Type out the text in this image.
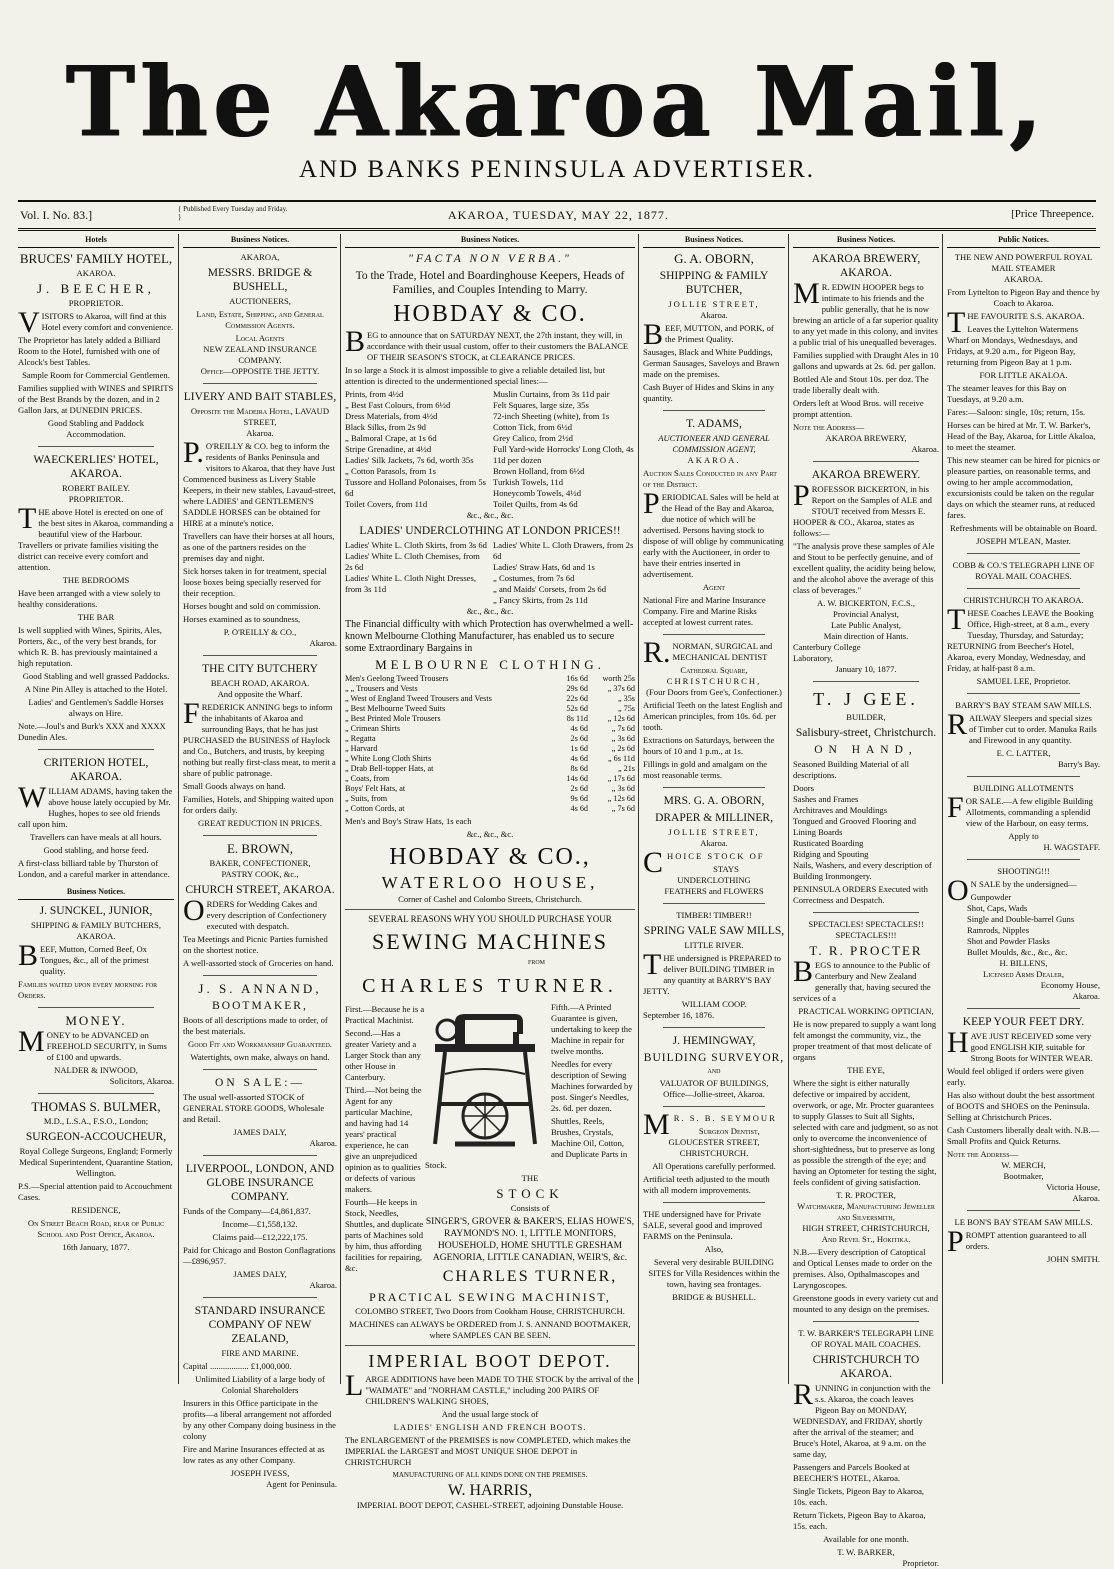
The Akaroa Mail,
AND BANKS PENINSULA ADVERTISER.
Vol. I. No. 83.]	{ Published Every Tuesday and Friday. }	AKAROA, TUESDAY, MAY 22, 1877.	[Price Threepence.
Hotels
BRUCES' FAMILY HOTEL,
AKAROA.
J. BEECHER,
PROPRIETOR.

VISITORS to Akaroa, will find at this Hotel every comfort and convenience.

The Proprietor has lately added a Billiard Room to the Hotel, furnished with one of Alcock's best Tables.

Sample Room for Commercial Gentlemen.

Families supplied with WINES and SPIRITS of the Best Brands by the dozen, and in 2 Gallon Jars, at DUNEDIN PRICES.

Good Stabling and Paddock Accommodation.

WAECKERLIES' HOTEL, AKAROA.
ROBERT BAILEY.
PROPRIETOR.

THE above Hotel is erected on one of the best sites in Akaroa, commanding a beautiful view of the Harbour. Travellers or private families visiting the district can receive every comfort and attention.

THE BEDROOMS

Have been arranged with a view solely to healthy considerations.

THE BAR

Is well supplied with Wines, Spirits, Ales, Porters, &c., of the very best brands, for which R. B. has previously maintained a high reputation.

Good Stabling and well grassed Paddocks.

A Nine Pin Alley is attached to the Hotel.

Ladies' and Gentlemen's Saddle Horses always on Hire.

Note.—Joul's and Burk's XXX and XXXX Dunedin Ales.

CRITERION HOTEL, AKAROA.

WILLIAM ADAMS, having taken the above house lately occupied by Mr. Hughes, hopes to see old friends call upon him.

Travellers can have meals at all hours.

Good stabling, and horse feed.

A first-class billiard table by Thurston of London, and a careful marker in attendance.

Business Notices.
J. SUNCKEL, JUNIOR,
SHIPPING & FAMILY BUTCHERS, AKAROA.

BEEF, Mutton, Corned Beef, Ox Tongues, &c., all of the primest quality.

Families waited upon every morning for Orders.

MONEY.

MONEY to be ADVANCED on FREEHOLD SECURITY, in Sums of £100 and upwards.

NALDER & INWOOD,
Solicitors, Akaroa.
THOMAS S. BULMER,
M.D., L.S.A., F.S.O., London;
SURGEON-ACCOUCHEUR,

Royal College Surgeons, England; Formerly Medical Superintendent, Quarantine Station, Wellington.

P.S.—Special attention paid to Accouchment Cases.

RESIDENCE,

On Street Beach Road, rear of Public School and Post Office, Akaroa.

16th January, 1877.
Business Notices.
AKAROA,
MESSRS. BRIDGE & BUSHELL,
AUCTIONEERS,

Land, Estate, Shipping, and General Commission Agents.

Local Agents
NEW ZEALAND INSURANCE COMPANY.
Office—OPPOSITE THE JETTY.
LIVERY AND BAIT STABLES,
Opposite the Madeira Hotel, LAVAUD STREET,
Akaroa.

P.O'REILLY & CO. beg to inform the residents of Banks Peninsula and visitors to Akaroa, that they have Just Commenced business as Livery Stable Keepers, in their new stables, Lavaud-street, where LADIES' and GENTLEMEN'S SADDLE HORSES can be obtained for HIRE at a minute's notice.

Travellers can have their horses at all hours, as one of the partners resides on the premises day and night.

Sick horses taken in for treatment, special loose boxes being specially reserved for their reception.

Horses bought and sold on commission.

Horses examined as to soundness,

P. O'REILLY & CO.,
Akaroa.
THE CITY BUTCHERY
BEACH ROAD, AKAROA.
And opposite the Wharf.

FREDERICK ANNING begs to inform the inhabitants of Akaroa and surrounding Bays, that he has just PURCHASED the BUSINESS of Haylock and Co., Butchers, and trusts, by keeping nothing but really first-class meat, to merit a share of public patronage.

Small Goods always on hand.

Families, Hotels, and Shipping waited upon for orders daily.

GREAT REDUCTION IN PRICES.

E. BROWN,
BAKER, CONFECTIONER,
PASTRY COOK, &c.,
CHURCH STREET, AKAROA.

ORDERS for Wedding Cakes and every description of Confectionery executed with despatch.

Tea Meetings and Picnic Parties furnished on the shortest notice.

A well-assorted stock of Groceries on hand.

J. S. ANNAND,
BOOTMAKER,

Boots of all descriptions made to order, of the best materials.

Good Fit and Workmanship Guaranteed.

Watertights, own make, always on hand.

ON SALE:—

The usual well-assorted STOCK of GENERAL STORE GOODS, Wholesale and Retail.

JAMES DALY,
Akaroa.
LIVERPOOL, LONDON, AND GLOBE INSURANCE COMPANY.

Funds of the Company—£4,861,837.

Income—£1,558,132.

Claims paid—£12,222,175.

Paid for Chicago and Boston Conflagrations—£896,957.

JAMES DALY,
Akaroa.
STANDARD INSURANCE COMPANY OF NEW ZEALAND,
FIRE AND MARINE.

Capital .................. £1,000,000.

Unlimited Liability of a large body of Colonial Shareholders

Insurers in this Office participate in the profits—a liberal arrangement not afforded by any other Company doing business in the colony

Fire and Marine Insurances effected at as low rates as any other Company.

JOSEPH IVESS,
Agent for Peninsula.
Business Notices.
"FACTA NON VERBA."
To the Trade, Hotel and Boardinghouse Keepers, Heads of Families, and Couples Intending to Marry.
HOBDAY & CO.

BEG to announce that on SATURDAY NEXT, the 27th instant, they will, in accordance with their usual custom, offer to their customers the BALANCE OF THEIR SEASON'S STOCK, at CLEARANCE PRICES.

In so large a Stock it is almost impossible to give a reliable detailed list, but attention is directed to the undermentioned special lines:—

Prints, from 4½d
„ Best Fast Colours, from 6½d
Dress Materials, from 4½d
Black Silks, from 2s 9d
„ Balmoral Crape, at 1s 6d
Stripe Grenadine, at 4½d
Ladies' Silk Jackets, 7s 6d, worth 35s
„ Cotton Parasols, from 1s
Tussore and Holland Polonaises, from 5s 6d
Toilet Covers, from 11d
Muslin Curtains, from 3s 11d pair
Felt Squares, large size, 35s
72-inch Sheeting (white), from 1s
Cotton Tick, from 6½d
Grey Calico, from 2½d
Full Yard-wide Horrocks' Long Cloth, 4s 11d per dozen
Brown Holland, from 6½d
Turkish Towels, 11d
Honeycomb Towels, 4½d
Toilet Quilts, from 4s 6d
&c., &c., &c.
LADIES' UNDERCLOTHING AT LONDON PRICES!!
Ladies' White L. Cloth Skirts, from 3s 6d
Ladies' White L. Cloth Chemises, from 2s 6d
Ladies' White L. Cloth Night Dresses, from 3s 11d
Ladies' White L. Cloth Drawers, from 2s 6d
Ladies' Straw Hats, 6d and 1s
„ Costumes, from 7s 6d
„ and Maids' Corsets, from 2s 6d
„ Fancy Skirts, from 2s 11d
&c., &c., &c.

The Financial difficulty with which Protection has overwhelmed a well-known Melbourne Clothing Manufacturer, has enabled us to secure some Extraordinary Bargains in

MELBOURNE CLOTHING.
Men's Geelong Tweed Trousers	16s 6d	worth 25s
„ „ Trousers and Vests	29s 6d	„ 37s 6d
„ West of England Tweed Trousers and Vests	22s 6d	„ 35s
„ Best Melbourne Tweed Suits	52s 6d	„ 75s
„ Best Printed Mole Trousers	8s 11d	„ 12s 6d
„ Crimean Shirts	4s 6d	„ 7s 6d
„ Regatta	2s 6d	„ 3s 6d
„ Harvard	1s 6d	„ 2s 6d
„ White Long Cloth Shirts	4s 6d	„ 6s 11d
„ Drab Bell-topper Hats, at	8s 6d	„ 21s
„ Coats, from	14s 6d	„ 17s 6d
Boys' Felt Hats, at	2s 6d	„ 3s 6d
„ Suits, from	9s 6d	„ 12s 6d
„ Cotton Cords, at	4s 6d	„ 7s 6d

Men's and Boy's Straw Hats, 1s each

&c., &c., &c.
HOBDAY & CO.,
WATERLOO HOUSE,
Corner of Cashel and Colombo Streets, Christchurch.
SEVERAL REASONS WHY YOU SHOULD PURCHASE YOUR
SEWING MACHINES
FROM
CHARLES TURNER.

First.—Because he is a Practical Machinist.

Second.—Has a greater Variety and a Larger Stock than any other House in Canterbury.

Third.—Not being the Agent for any particular Machine, and having had 14 years' practical experience, he can give an unprejudiced opinion as to qualities or defects of various makers.

Fourth—He keeps in Stock, Needles, Shuttles, and duplicate parts of Machines sold by him, thus affording facilities for repairing, &c.

Fifth.—A Printed Guarantee is given, undertaking to keep the Machine in repair for twelve months.

Needles for every description of Sewing Machines forwarded by post. Singer's Needles, 2s. 6d. per dozen.

Shuttles, Reels, Brushes, Crystals, Machine Oil, Cotton, and Duplicate Parts in Stock.

THE
STOCK
Consists of

SINGER'S, GROVER & BAKER'S, ELIAS HOWE'S, RAYMOND'S NO. 1, LITTLE MONITORS, HOUSEHOLD, HOME SHUTTLE GRESHAM AGENORIA, LITTLE CANADIAN, WEIR'S, &c.

CHARLES TURNER,
PRACTICAL SEWING MACHINIST,

COLOMBO STREET, Two Doors from Cookham House, CHRISTCHURCH.

MACHINES can ALWAYS be ORDERED from J. S. ANNAND BOOTMAKER, where SAMPLES CAN BE SEEN.

IMPERIAL BOOT DEPOT.

LARGE ADDITIONS have been MADE TO THE STOCK by the arrival of the "WAIMATE" and "NORHAM CASTLE," including 200 PAIRS OF CHILDREN'S WALKING SHOES,

And the usual large stock of

LADIES' ENGLISH AND FRENCH BOOTS.

The ENLARGEMENT of the PREMISES is now COMPLETED, which makes the IMPERIAL the LARGEST and MOST UNIQUE SHOE DEPOT in CHRISTCHURCH

MANUFACTURING OF ALL KINDS DONE ON THE PREMISES.
W. HARRIS,
IMPERIAL BOOT DEPOT, CASHEL-STREET, adjoining Dunstable House.
Business Notices.
G. A. OBORN,
SHIPPING & FAMILY BUTCHER,
JOLLIE STREET,
Akaroa.

BEEF, MUTTON, and PORK, of the Primest Quality.

Sausages, Black and White Puddings, German Sausages, Saveloys and Brawn made on the premises.

Cash Buyer of Hides and Skins in any quantity.

T. ADAMS,
AUCTIONEER AND GENERAL COMMISSION AGENT,
AKAROA.

Auction Sales Conducted in any Part of the District.

PERIODICAL Sales will be held at the Head of the Bay and Akaroa, due notice of which will be advertised. Persons having stock to dispose of will oblige by communicating early with the Auctioneer, in order to have their entries inserted in advertisement.

Agent

National Fire and Marine Insurance Company. Fire and Marine Risks accepted at lowest current rates.

R.NORMAN, SURGICAL and MECHANICAL DENTIST

Cathedral Square,
CHRISTCHURCH,
(Four Doors from Gee's, Confectioner.)

Artificial Teeth on the latest English and American principles, from 10s. 6d. per tooth.

Extractions on Saturdays, between the hours of 10 and 1 p.m., at 1s.

Fillings in gold and amalgam on the most reasonable terms.

MRS. G. A. OBORN,
DRAPER & MILLINER,
JOLLIE STREET,
Akaroa.

CHOICE STOCK OF

STAYS
UNDERCLOTHING
FEATHERS and FLOWERS
TIMBER! TIMBER!!
SPRING VALE SAW MILLS,
LITTLE RIVER.

THE undersigned is PREPARED to deliver BUILDING TIMBER in any quantity at BARRY'S BAY JETTY.

WILLIAM COOP.
September 16, 1876.
J. HEMINGWAY,
BUILDING SURVEYOR,
AND
VALUATOR OF BUILDINGS,
Office—Jollie-street, Akaroa.

MR. S. B. SEYMOUR

Surgeon Dentist,
GLOUCESTER STREET,
CHRISTCHURCH.

All Operations carefully performed.

Artificial teeth adjusted to the mouth with all modern improvements.

THE undersigned have for Private SALE, several good and improved FARMS on the Peninsula.

Also,

Several very desirable BUILDING SITES for Villa Residences within the town, having sea frontages.

BRIDGE & BUSHELL.
Business Notices.
AKAROA BREWERY, AKAROA.

MR. EDWIN HOOPER begs to intimate to his friends and the public generally, that he is now brewing an article of a far superior quality to any yet made in this colony, and invites a public trial of his unequalled beverages.

Families supplied with Draught Ales in 10 gallons and upwards at 2s. 6d. per gallon.

Bottled Ale and Stout 10s. per doz. The trade liberally dealt with.

Orders left at Wood Bros. will receive prompt attention.

Note the Address—
AKAROA BREWERY,
Akaroa.
AKAROA BREWERY.

PROFESSOR BICKERTON, in his Report on the Samples of ALE and STOUT received from Messrs E. HOOPER & CO., Akaroa, states as follows:—

"The analysis prove these samples of Ale and Stout to be perfectly genuine, and of excellent quality, the acidity being below, and the alcohol above the average of this class of beverages."

A. W. BICKERTON, F.C.S.,
Provincial Analyst,
Late Public Analyst,
Main direction of Hants.
Canterbury College
Laboratory,
January 10, 1877.
T. J GEE.
BUILDER,
Salisbury-street, Christchurch.
ON HAND,

Seasoned Building Material of all descriptions.

Doors
Sashes and Frames
Architraves and Mouldings
Tongued and Grooved Flooring and Lining Boards
Rusticated Boarding
Ridging and Spouting
Nails, Washers, and every description of Building Ironmongery.

PENINSULA ORDERS Executed with Correctness and Despatch.

SPECTACLES! SPECTACLES!! SPECTACLES!!!
T. R. PROCTER

BEGS to announce to the Public of Canterbury and New Zealand generally that, having secured the services of a

PRACTICAL WORKING OPTICIAN,

He is now prepared to supply a want long felt amongst the community, viz., the proper treatment of that most delicate of organs

THE EYE,

Where the sight is either naturally defective or impaired by accident, overwork, or age, Mr. Procter guarantees to supply Glasses to Suit all Sights, selected with care and judgment, so as not only to overcome the inconvenience of short-sightedness, but to preserve as long as possible the strength of the eye; and having an Optometer for testing the sight, feels confident of giving satisfaction.

T. R. PROCTER,
Watchmaker, Manufacturing Jeweller and Silversmith,
HIGH STREET, CHRISTCHURCH,
And Revel St., Hokitika.

N.B.—Every description of Catoptical and Optical Lenses made to order on the premises. Also, Opthalmascopes and Laryngoscopes.

Greenstone goods in every variety cut and mounted to any design on the premises.

T. W. BARKER'S TELEGRAPH LINE OF ROYAL MAIL COACHES.
CHRISTCHURCH TO AKAROA.

RUNNING in conjunction with the s.s. Akaroa, the coach leaves Pigeon Bay on MONDAY, WEDNESDAY, and FRIDAY, shortly after the arrival of the steamer; and Bruce's Hotel, Akaroa, at 9 a.m. on the same day,

Passengers and Parcels Booked at BEECHER'S HOTEL, Akaroa.

Single Tickets, Pigeon Bay to Akaroa, 10s. each.

Return Tickets, Pigeon Bay to Akaroa, 15s. each.

Available for one month.

T. W. BARKER,
Proprietor.
Public Notices.
THE NEW AND POWERFUL ROYAL MAIL STEAMER
AKAROA.

From Lyttelton to Pigeon Bay and thence by Coach to Akaroa.

THE FAVOURITE S.S. AKAROA.

Leaves the Lyttelton Watermens Wharf on Mondays, Wednesdays, and Fridays, at 9.20 a.m., for Pigeon Bay, returning from Pigeon Bay at 1 p.m.

FOR LITTLE AKALOA.

The steamer leaves for this Bay on Tuesdays, at 9.20 a.m.

Fares:—Saloon: single, 10s; return, 15s.

Horses can be hired at Mr. T. W. Barker's, Head of the Bay, Akaroa, for Little Akaloa, to meet the steamer.

This new steamer can be hired for picnics or pleasure parties, on reasonable terms, and owing to her ample accommodation, excursionists could be taken on the regular days on which the steamer runs, at reduced fares.

Refreshments will be obtainable on Board.

JOSEPH M'LEAN, Master.
COBB & CO.'S TELEGRAPH LINE OF ROYAL MAIL COACHES.
CHRISTCHURCH TO AKAROA.

THESE Coaches LEAVE the Booking Office, High-street, at 8 a.m., every Tuesday, Thursday, and Saturday; RETURNING from Beecher's Hotel, Akaroa, every Monday, Wednesday, and Friday, at half-past 8 a.m.

SAMUEL LEE, Proprietor.
BARRY'S BAY STEAM SAW MILLS.

RAILWAY Sleepers and special sizes of Timber cut to order. Manuka Rails and Firewood in any quantity.

E. C. LATTER,
Barry's Bay.
BUILDING ALLOTMENTS

FOR SALE.—A few eligible Building Allotments, commanding a splendid view of the Harbour, on easy terms.

Apply to
H. WAGSTAFF.
SHOOTING!!!

ON SALE by the undersigned—

Gunpowder
Shot, Caps, Wads
Single and Double-barrel Guns
Ramrods, Nipples
Shot and Powder Flasks
Bullet Moulds, &c., &c., &c.
H. BILLENS,
Licensed Arms Dealer,
Economy House,
Akaroa.
KEEP YOUR FEET DRY.

HAVE JUST RECEIVED some very good ENGLISH KIP, suitable for Strong Boots for WINTER WEAR.

Would feel obliged if orders were given early.

Has also without doubt the best assortment of BOOTS and SHOES on the Peninsula. Selling at Christchurch Prices.

Cash Customers liberally dealt with. N.B.—Small Profits and Quick Returns.

Note the Address—
W. MERCH,
Bootmaker,
Victoria House,
Akaroa.
LE BON'S BAY STEAM SAW MILLS.

PROMPT attention guaranteed to all orders.

JOHN SMITH.
